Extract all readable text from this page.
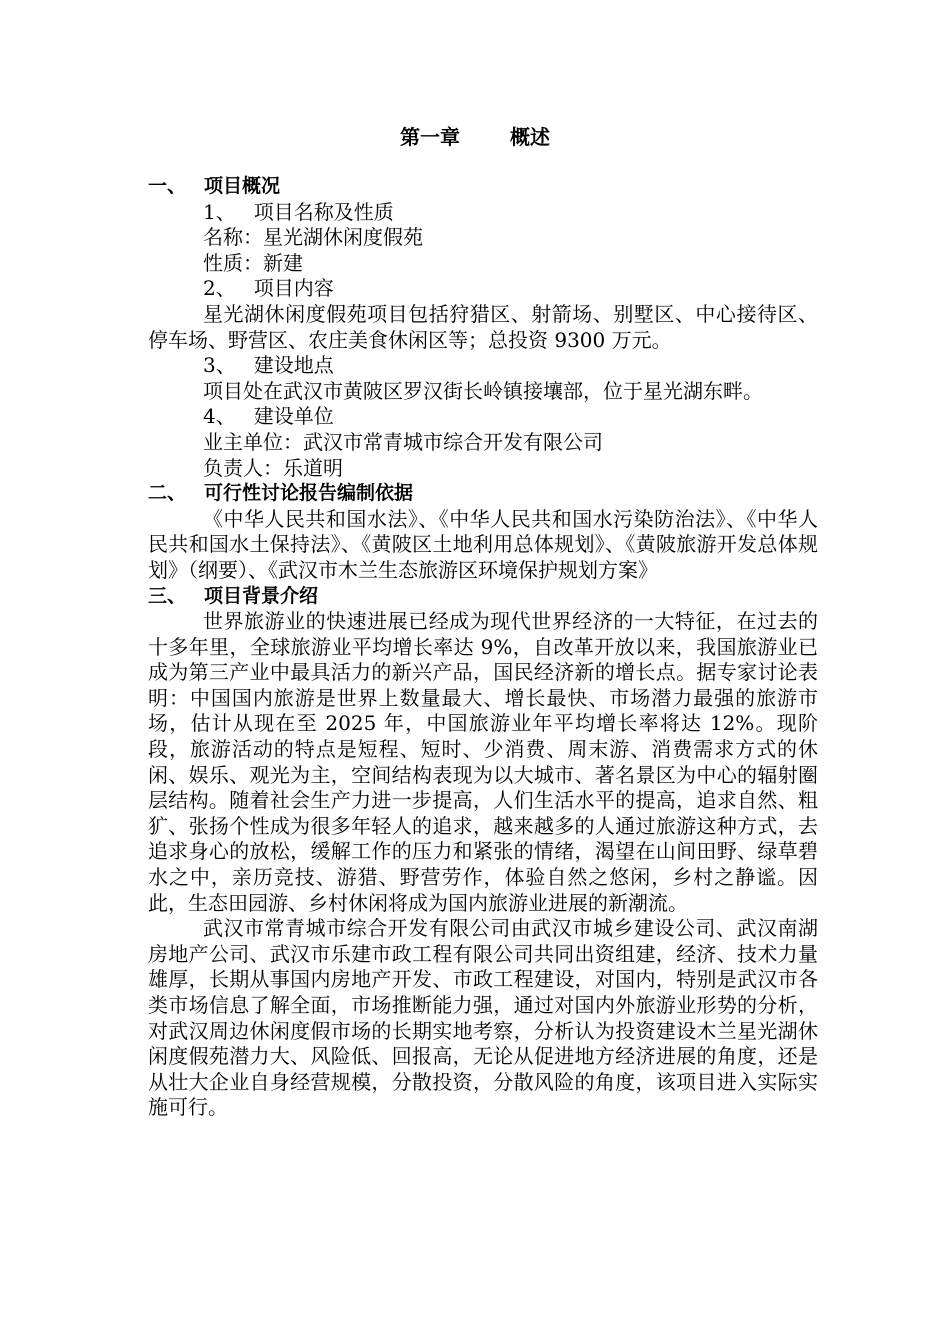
第一章	概述

一、 项目概况

1、 项目名称及性质

名称：星光湖休闲度假苑

性质：新建

2、 项目内容

星光湖休闲度假苑项目包括狩猎区、射箭场、别墅区、中心接待区、停车场、野营区、农庄美食休闲区等；总投资 9300 万元。

3、 建设地点

项目处在武汉市黄陂区罗汉街长岭镇接壤部，位于星光湖东畔。

4、 建设单位

业主单位：武汉市常青城市综合开发有限公司

负责人：乐道明

二、 可行性讨论报告编制依据

《中华人民共和国水法》、《中华人民共和国水污染防治法》、《中华人民共和国水土保持法》、《黄陂区土地利用总体规划》、《黄陂旅游开发总体规划》（纲要）、《武汉市木兰生态旅游区环境保护规划方案》

三、 项目背景介绍

世界旅游业的快速进展已经成为现代世界经济的一大特征，在过去的十多年里，全球旅游业平均增长率达 9%，自改革开放以来，我国旅游业已成为第三产业中最具活力的新兴产品，国民经济新的增长点。据专家讨论表明：中国国内旅游是世界上数量最大、增长最快、市场潜力最强的旅游市场，估计从现在至 2025 年，中国旅游业年平均增长率将达 12%。现阶段，旅游活动的特点是短程、短时、少消费、周末游、消费需求方式的休闲、娱乐、观光为主，空间结构表现为以大城市、著名景区为中心的辐射圈层结构。随着社会生产力进一步提高，人们生活水平的提高，追求自然、粗犷、张扬个性成为很多年轻人的追求，越来越多的人通过旅游这种方式，去追求身心的放松，缓解工作的压力和紧张的情绪，渴望在山间田野、绿草碧水之中，亲历竞技、游猎、野营劳作，体验自然之悠闲，乡村之静谧。因此，生态田园游、乡村休闲将成为国内旅游业进展的新潮流。

武汉市常青城市综合开发有限公司由武汉市城乡建设公司、武汉南湖房地产公司、武汉市乐建市政工程有限公司共同出资组建，经济、技术力量雄厚，长期从事国内房地产开发、市政工程建设，对国内，特别是武汉市各类市场信息了解全面，市场推断能力强，通过对国内外旅游业形势的分析，对武汉周边休闲度假市场的长期实地考察，分析认为投资建设木兰星光湖休闲度假苑潜力大、风险低、回报高，无论从促进地方经济进展的角度，还是从壮大企业自身经营规模，分散投资，分散风险的角度，该项目进入实际实施可行。
